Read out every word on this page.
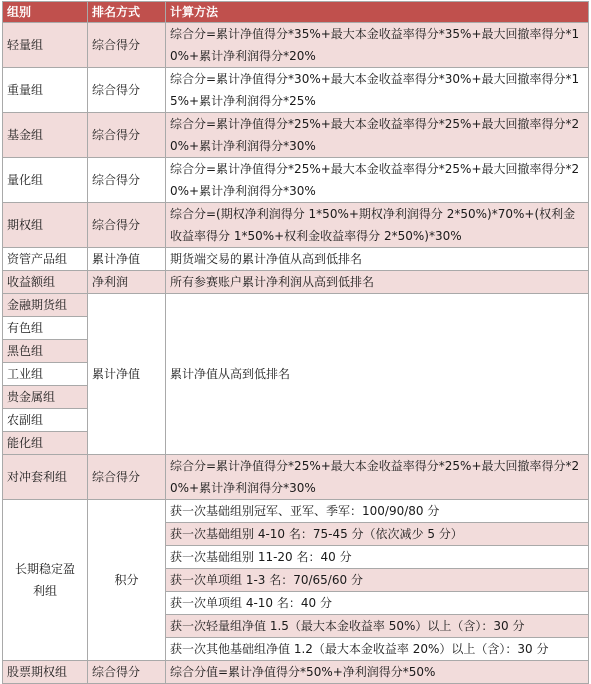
组别	排名方式	计算方法
轻量组	综合得分	综合分=累计净值得分*35%+最大本金收益率得分*35%+最大回撤率得分*10%+累计净利润得分*20%
重量组	综合得分	综合分=累计净值得分*30%+最大本金收益率得分*30%+最大回撤率得分*15%+累计净利润得分*25%
基金组	综合得分	综合分=累计净值得分*25%+最大本金收益率得分*25%+最大回撤率得分*20%+累计净利润得分*30%
量化组	综合得分	综合分=累计净值得分*25%+最大本金收益率得分*25%+最大回撤率得分*20%+累计净利润得分*30%
期权组	综合得分	综合分=(期权净利润得分 1*50%+期权净利润得分 2*50%)*70%+(权利金收益率得分 1*50%+权利金收益率得分 2*50%)*30%
资管产品组	累计净值	期货端交易的累计净值从高到低排名
收益额组	净利润	所有参赛账户累计净利润从高到低排名
金融期货组	累计净值	累计净值从高到低排名
有色组		
黑色组		
工业组		
贵金属组		
农副组		
能化组		
对冲套利组	综合得分	综合分=累计净值得分*25%+最大本金收益率得分*25%+最大回撤率得分*20%+累计净利润得分*30%
长期稳定盈利组	积分	获一次基础组别冠军、亚军、季军：100/90/80 分
		获一次基础组别 4-10 名：75-45 分（依次减少 5 分）
		获一次基础组别 11-20 名：40 分
		获一次单项组 1-3 名：70/65/60 分
		获一次单项组 4-10 名：40 分
		获一次轻量组净值 1.5（最大本金收益率 50%）以上（含）：30 分
		获一次其他基础组净值 1.2（最大本金收益率 20%）以上（含）：30 分
股票期权组	综合得分	综合分值=累计净值得分*50%+净利润得分*50%
